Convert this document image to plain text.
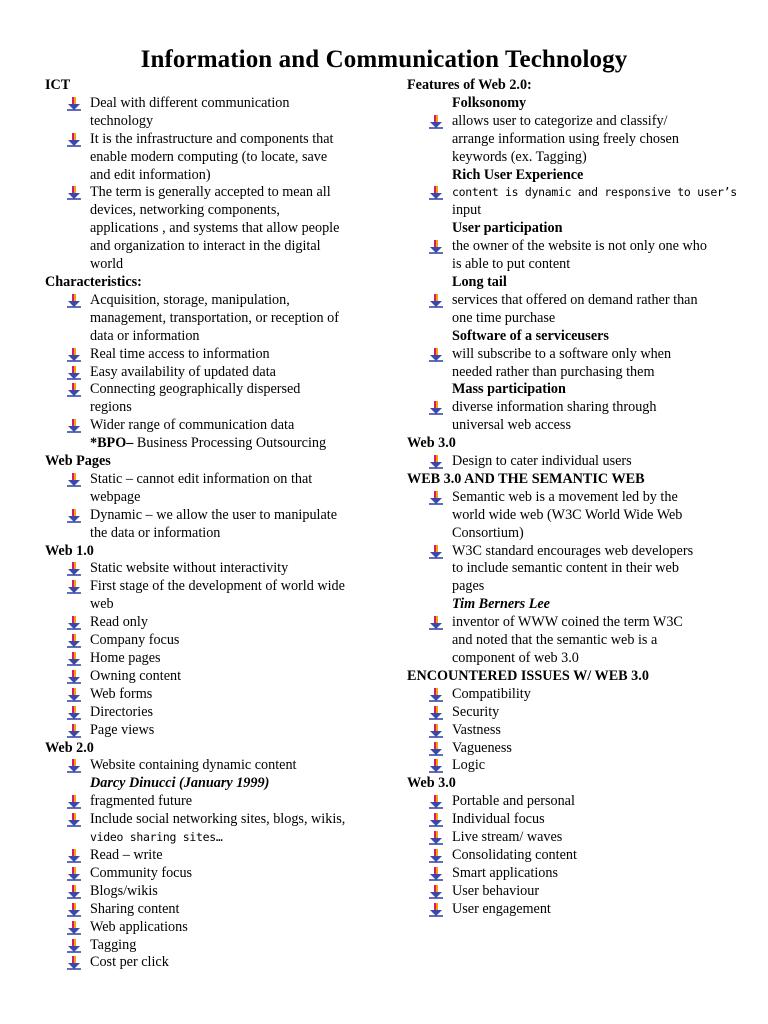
Information and Communication Technology
ICT
Deal with different communication
technology
It is the infrastructure and components that
enable modern computing (to locate, save
and edit information)
The term is generally accepted to mean all
devices, networking components,
applications , and systems that allow people
and organization to interact in the digital
world
Characteristics:
Acquisition, storage, manipulation,
management, transportation, or reception of
data or information
Real time access to information
Easy availability of updated data
Connecting geographically dispersed
regions
Wider range of communication data
*BPO– Business Processing Outsourcing
Web Pages
Static – cannot edit information on that
webpage
Dynamic – we allow the user to manipulate
the data or information
Web 1.0
Static website without interactivity
First stage of the development of world wide
web
Read only
Company focus
Home pages
Owning content
Web forms
Directories
Page views
Web 2.0
Website containing dynamic content
Darcy Dinucci (January 1999)
fragmented future
Include social networking sites, blogs, wikis,
video sharing sites…
Read – write
Community focus
Blogs/wikis
Sharing content
Web applications
Tagging
Cost per click
Features of Web 2.0:
Folksonomy
allows user to categorize and classify/
arrange information using freely chosen
keywords (ex. Tagging)
Rich User Experience
content is dynamic and responsive to user’s
input
User participation
the owner of the website is not only one who
is able to put content
Long tail
services that offered on demand rather than
one time purchase
Software of a serviceusers
will subscribe to a software only when
needed rather than purchasing them
Mass participation
diverse information sharing through
universal web access
Web 3.0
Design to cater individual users
WEB 3.0 AND THE SEMANTIC WEB
Semantic web is a movement led by the
world wide web (W3C World Wide Web
Consortium)
W3C standard encourages web developers
to include semantic content in their web
pages
Tim Berners Lee
inventor of WWW coined the term W3C
and noted that the semantic web is a
component of web 3.0
ENCOUNTERED ISSUES W/ WEB 3.0
Compatibility
Security
Vastness
Vagueness
Logic
Web 3.0
Portable and personal
Individual focus
Live stream/ waves
Consolidating content
Smart applications
User behaviour
User engagement
